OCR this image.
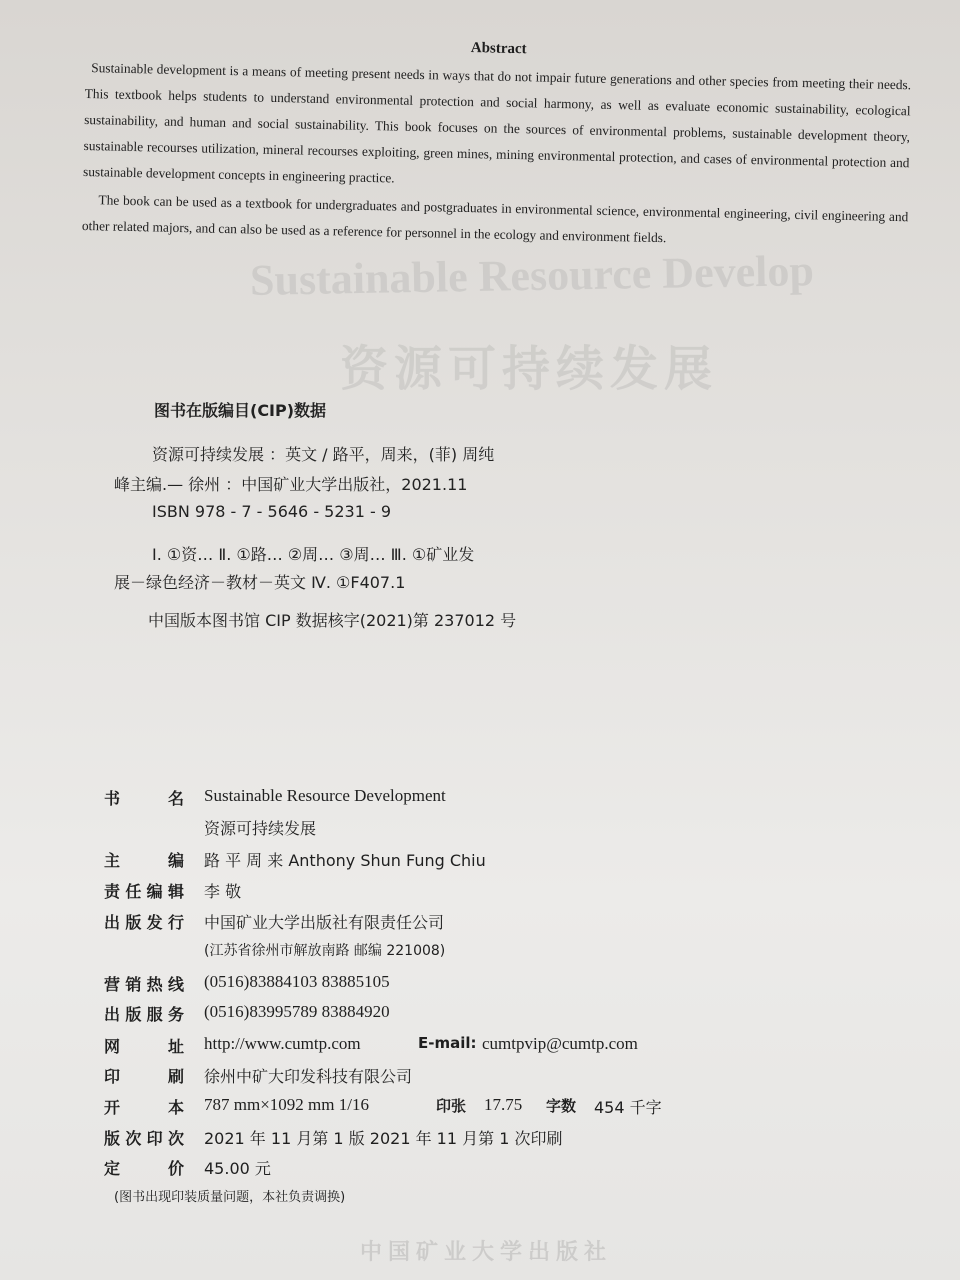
Sustainable Resource Develop
资源可持续发展
中国矿业大学出版社
Abstract

Sustainable development is a means of meeting present needs in ways that do not impair future generations and other species from meeting their needs. This textbook helps students to understand environmental protection and social harmony, as well as evaluate economic sustainability, ecological sustainability, and human and social sustainability. This book focuses on the sources of environmental problems, sustainable development theory, sustainable recourses utilization, mineral recourses exploiting, green mines, mining environmental protection, and cases of environmental protection and sustainable development concepts in engineering practice.

The book can be used as a textbook for undergraduates and postgraduates in environmental science, environmental engineering, civil engineering and other related majors, and can also be used as a reference for personnel in the ecology and environment fields.

图书在版编目(CIP)数据
资源可持续发展 ：英文 / 路平，周来，(菲) 周纯
峰主编.— 徐州 ：中国矿业大学出版社，2021.11
ISBN 978 - 7 - 5646 - 5231 - 9
Ⅰ. ①资… Ⅱ. ①路… ②周… ③周… Ⅲ. ①矿业发
展－绿色经济－教材－英文 Ⅳ. ①F407.1
中国版本图书馆 CIP 数据核字(2021)第 237012 号
书 名 Sustainable Resource Development
资源可持续发展
主 编 路 平 周 来 Anthony Shun Fung Chiu
责任编辑 李 敬
出版发行 中国矿业大学出版社有限责任公司
(江苏省徐州市解放南路 邮编 221008)
营销热线 (0516)83884103 83885105
出版服务 (0516)83995789 83884920
网 址 http://www.cumtp.com	E-mail: cumtpvip@cumtp.com
印 刷 徐州中矿大印发科技有限公司
开 本 787 mm×1092 mm 1/16	印张 17.75 字数 454 千字
版次印次 2021 年 11 月第 1 版 2021 年 11 月第 1 次印刷
定 价 45.00 元
(图书出现印装质量问题，本社负责调换)
